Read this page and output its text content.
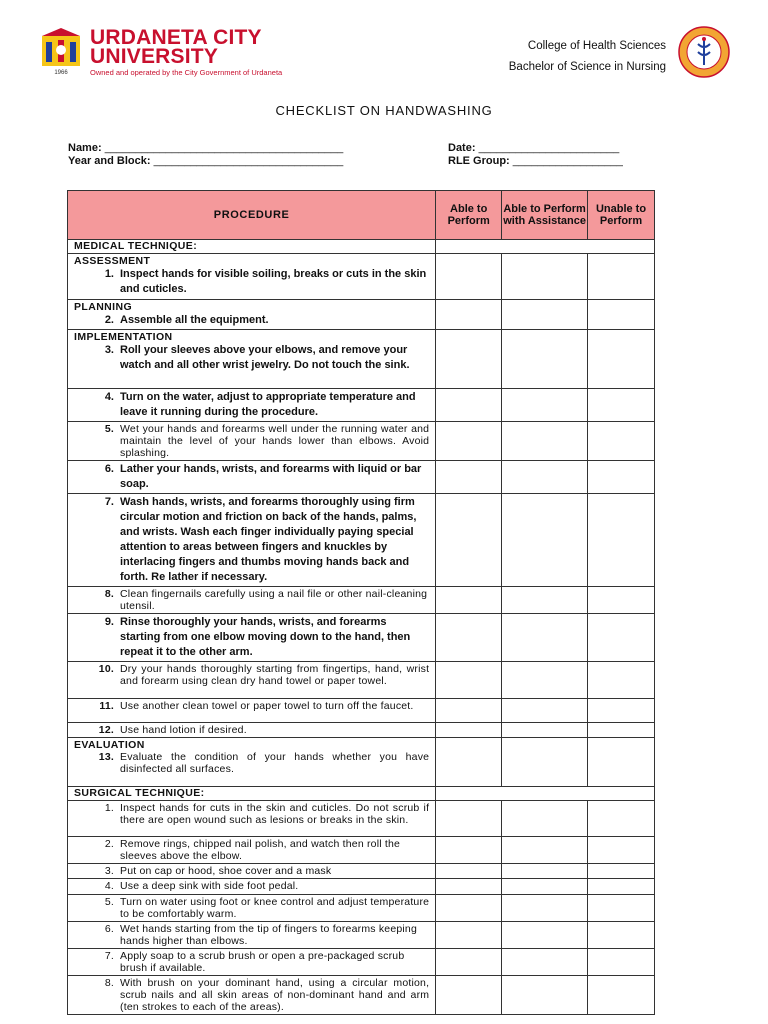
1966
URDANETA CITY
UNIVERSITY
Owned and operated by the City Government of Urdaneta
College of Health Sciences
Bachelor of Science in Nursing
CHECKLIST ON HANDWASHING
Name: _______________________________________	Date: _______________________
Year and Block: _______________________________	RLE Group: __________________
PROCEDURE	Able to Perform	Able to Perform with Assistance	Unable to Perform
MEDICAL TECHNIQUE:			

ASSESSMENT
1. Inspect hands for visible soiling, breaks or cuts in the skin and cuticles.			

PLANNING
2. Assemble all the equipment.			

IMPLEMENTATION
3. Roll your sleeves above your elbows, and remove your watch and all other wrist jewelry. Do not touch the sink.			

4. Turn on the water, adjust to appropriate temperature and leave it running during the procedure.			

5. Wet your hands and forearms well under the running water and maintain the level of your hands lower than elbows. Avoid splashing.			

6. Lather your hands, wrists, and forearms with liquid or bar soap.			

7. Wash hands, wrists, and forearms thoroughly using firm circular motion and friction on back of the hands, palms, and wrists. Wash each finger individually paying special attention to areas between fingers and knuckles by interlacing fingers and thumbs moving hands back and forth. Re lather if necessary.			

8. Clean fingernails carefully using a nail file or other nail-cleaning utensil.			

9. Rinse thoroughly your hands, wrists, and forearms starting from one elbow moving down to the hand, then repeat it to the other arm.			

10. Dry your hands thoroughly starting from fingertips, hand, wrist and forearm using clean dry hand towel or paper towel.			

11. Use another clean towel or paper towel to turn off the faucet.			

12. Use hand lotion if desired.			

EVALUATION
13. Evaluate the condition of your hands whether you have disinfected all surfaces.			

SURGICAL TECHNIQUE:			

1. Inspect hands for cuts in the skin and cuticles. Do not scrub if there are open wound such as lesions or breaks in the skin.			

2. Remove rings, chipped nail polish, and watch then roll the sleeves above the elbow.			

3. Put on cap or hood, shoe cover and a mask			

4. Use a deep sink with side foot pedal.			

5. Turn on water using foot or knee control and adjust temperature to be comfortably warm.			

6. Wet hands starting from the tip of fingers to forearms keeping hands higher than elbows.			

7. Apply soap to a scrub brush or open a pre-packaged scrub brush if available.			

8. With brush on your dominant hand, using a circular motion, scrub nails and all skin areas of non-dominant hand and arm (ten strokes to each of the areas).			
